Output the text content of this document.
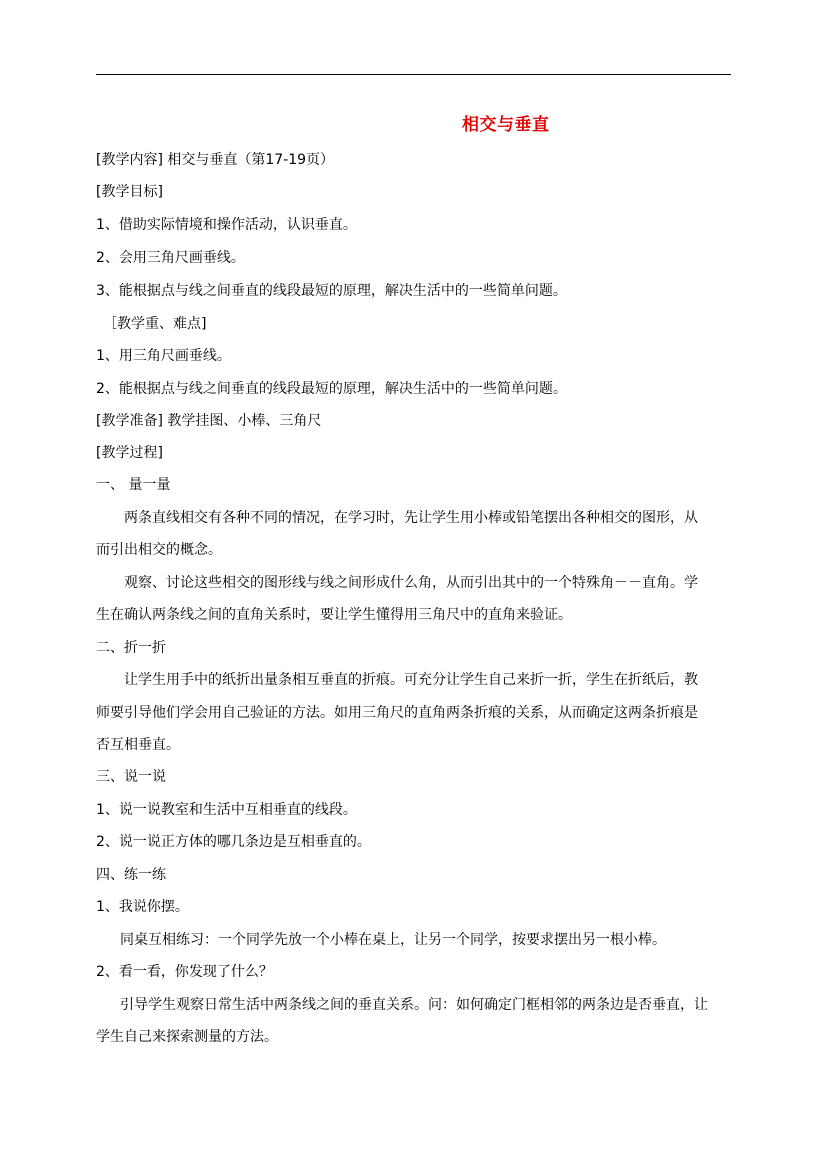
相交与垂直
[教学内容] 相交与垂直（第17-19页）
[教学目标]
1、借助实际情境和操作活动，认识垂直。
2、会用三角尺画垂线。
3、能根据点与线之间垂直的线段最短的原理，解决生活中的一些简单问题。
［教学重、难点]
1、用三角尺画垂线。
2、能根据点与线之间垂直的线段最短的原理，解决生活中的一些简单问题。
[教学准备] 教学挂图、小棒、三角尺
[教学过程]
一、 量一量
两条直线相交有各种不同的情况，在学习时，先让学生用小棒或铅笔摆出各种相交的图形，从
而引出相交的概念。
观察、讨论这些相交的图形线与线之间形成什么角，从而引出其中的一个特殊角－－直角。学
生在确认两条线之间的直角关系时，要让学生懂得用三角尺中的直角来验证。
二、折一折
让学生用手中的纸折出量条相互垂直的折痕。可充分让学生自己来折一折，学生在折纸后，教
师要引导他们学会用自己验证的方法。如用三角尺的直角两条折痕的关系，从而确定这两条折痕是
否互相垂直。
三、说一说
1、说一说教室和生活中互相垂直的线段。
2、说一说正方体的哪几条边是互相垂直的。
四、练一练
1、我说你摆。
同桌互相练习：一个同学先放一个小棒在桌上，让另一个同学，按要求摆出另一根小棒。
2、看一看，你发现了什么？
引导学生观察日常生活中两条线之间的垂直关系。问：如何确定门框相邻的两条边是否垂直，让
学生自己来探索测量的方法。
